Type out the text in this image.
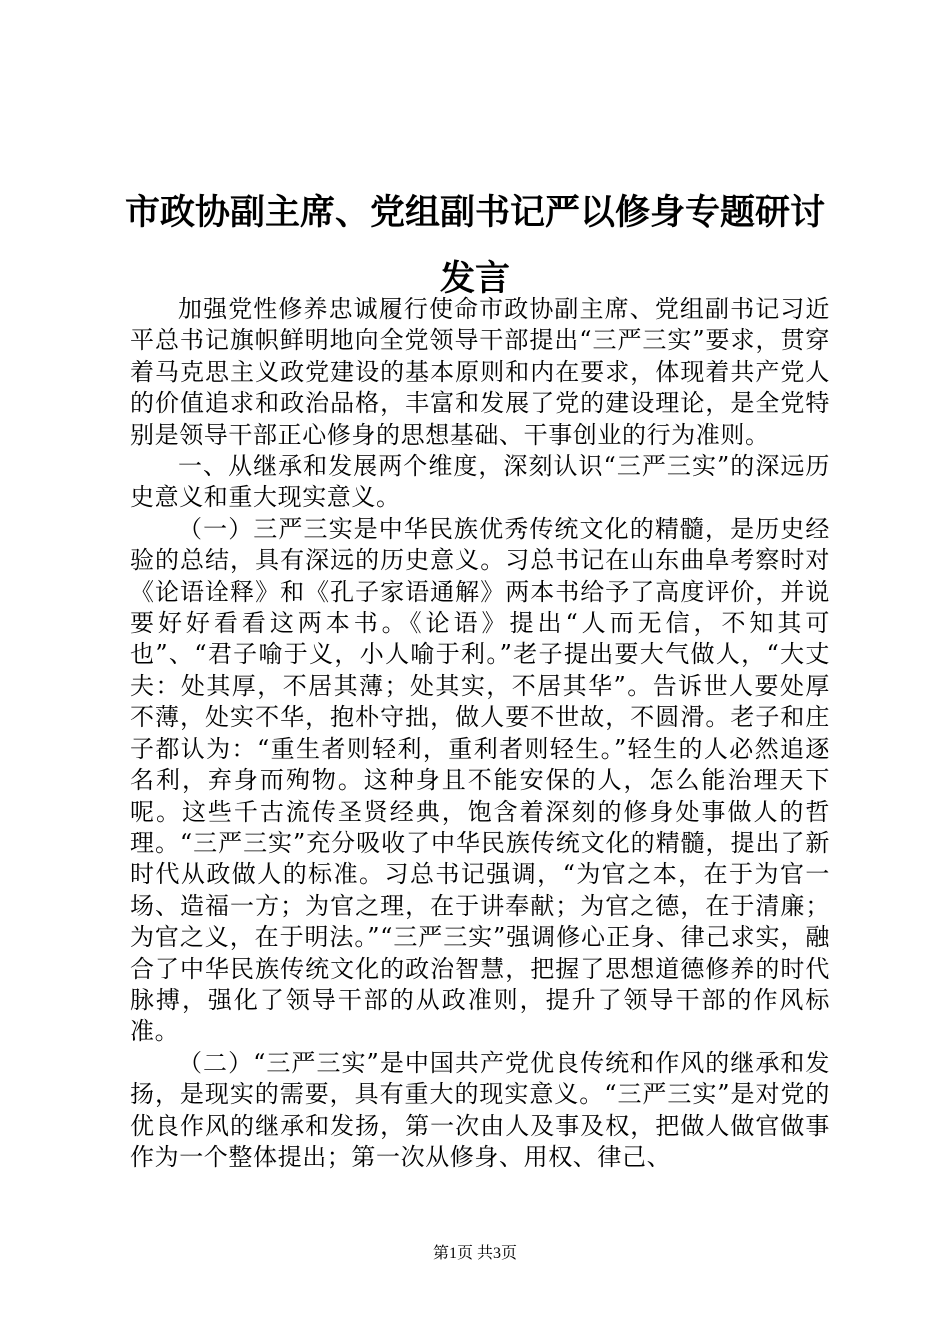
市政协副主席、党组副书记严以修身专题研讨发言

加强党性修养忠诚履行使命市政协副主席、党组副书记习近平总书记旗帜鲜明地向全党领导干部提出“三严三实”要求，贯穿着马克思主义政党建设的基本原则和内在要求，体现着共产党人的价值追求和政治品格，丰富和发展了党的建设理论，是全党特别是领导干部正心修身的思想基础、干事创业的行为准则。

一、从继承和发展两个维度，深刻认识“三严三实”的深远历史意义和重大现实意义。

（一）三严三实是中华民族优秀传统文化的精髓，是历史经验的总结，具有深远的历史意义。习总书记在山东曲阜考察时对《论语诠释》和《孔子家语通解》两本书给予了高度评价，并说要好好看看这两本书。《论语》提出“人而无信，不知其可也”、“君子喻于义，小人喻于利。”老子提出要大气做人，“大丈夫：处其厚，不居其薄；处其实，不居其华”。告诉世人要处厚不薄，处实不华，抱朴守拙，做人要不世故，不圆滑。老子和庄子都认为：“重生者则轻利，重利者则轻生。”轻生的人必然追逐名利，弃身而殉物。这种身且不能安保的人，怎么能治理天下呢。这些千古流传圣贤经典，饱含着深刻的修身处事做人的哲理。“三严三实”充分吸收了中华民族传统文化的精髓，提出了新时代从政做人的标准。习总书记强调，“为官之本，在于为官一场、造福一方；为官之理，在于讲奉献；为官之德，在于清廉；为官之义，在于明法。”“三严三实”强调修心正身、律己求实，融合了中华民族传统文化的政治智慧，把握了思想道德修养的时代脉搏，强化了领导干部的从政准则，提升了领导干部的作风标准。

（二）“三严三实”是中国共产党优良传统和作风的继承和发扬，是现实的需要，具有重大的现实意义。“三严三实”是对党的优良作风的继承和发扬，第一次由人及事及权，把做人做官做事作为一个整体提出；第一次从修身、用权、律己、

第1页 共3页
